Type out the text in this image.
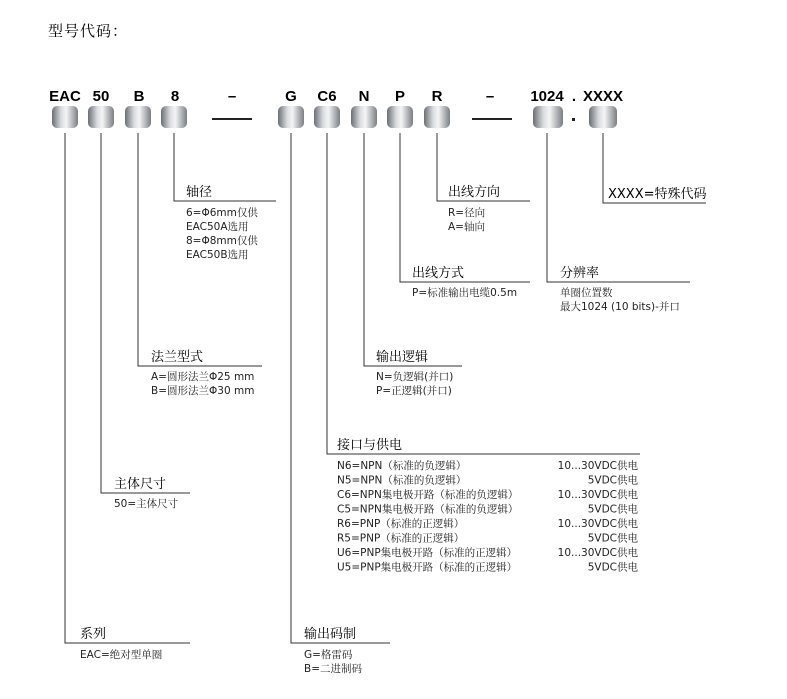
型号代码：
EAC 50 B 8	–	G C6 N P R	– 1024 . XXXX
轴径
6=Φ6mm仅供
EAC50A选用
8=Φ8mm仅供
EAC50B选用
出线方向
R=径向
A=轴向
XXXX=特殊代码
出线方式
P=标准输出电缆0.5m
分辨率
单圈位置数
最大1024 (10 bits)-并口
法兰型式
A=圆形法兰Φ25 mm
B=圆形法兰Φ30 mm
输出逻辑
N=负逻辑(并口)
P=正逻辑(并口)
接口与供电
N6=NPN（标准的负逻辑）	10...30VDC供电
N5=NPN（标准的负逻辑）	5VDC供电
C6=NPN集电极开路（标准的负逻辑）	10...30VDC供电
C5=NPN集电极开路（标准的负逻辑）	5VDC供电
R6=PNP（标准的正逻辑）	10...30VDC供电
R5=PNP（标准的正逻辑）	5VDC供电
U6=PNP集电极开路（标准的正逻辑）	10...30VDC供电
U5=PNP集电极开路（标准的正逻辑）	5VDC供电
主体尺寸
50=主体尺寸
系列
EAC=绝对型单圈
输出码制
G=格雷码
B=二进制码
